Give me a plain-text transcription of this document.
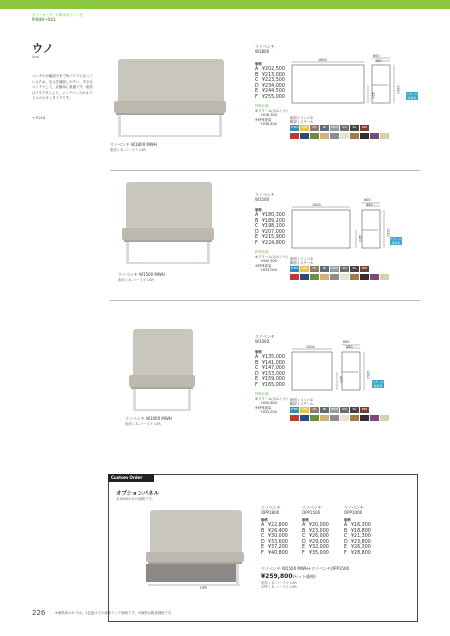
カラーオーダーの際は次ページを
P.040~041
ウノ
Uno
ベンチの台輪部分まで角パイプとなっているため、足元を掃除しやすい。安全なベンチとして、店舗用に最適です。座面はアダプタにより、メンテナンスがオススメのボタンタイプです。
→ P.216
ウノベンチ W1800 MWH
座面 / 本-コーヌケ LSR
ウノベンチ
W1800
価格
A ¥202,500
B ¥213,000
C ¥223,500
D ¥234,000
E ¥244,500
F ¥255,000
特殊仕様
※フラーム(ボルトナ)
+¥16,300
※特殊塗装
+¥36,400
1800
600
450
1050
420	スチール塗装色
座面 / コンパネ
脚部 / スチール
STEEL	ATM	ATL	BK	MWH	WH	RG	BRZ
ウノベンチ W1500 MWH
座面 / 本-コーヌケ LSR
ウノベンチ
W1500
価格
A ¥180,300
B ¥189,200
C ¥198,100
D ¥207,000
E ¥215,900
F ¥224,800
特殊仕様
※フラーム(ボルトナ)
+¥40,500
※特殊塗装
+¥33,000
1500
600
450
1050
420	スチール塗装色
座面 / コンパネ
脚部 / スチール
STEEL	ATM	ATL	BK	MWH	WH	RG	BRZ
ウノベンチ W1000 MWH
座面 / 本-コーヌケ LSR
ウノベンチ
W1000
価格
A ¥135,000
B ¥141,000
C ¥147,000
D ¥153,000
E ¥159,000
F ¥165,000
特殊仕様
※フラーム(ボルトナ)
+¥30,800
※特殊塗装
+¥32,200
1000
600
450
1050
420	スチール塗装色
座面 / コンパネ
脚部 / スチール
STEEL	ATM	ATL	BK	MWH	WH	RG	BRZ
Custom Order
オプションパネル
本1500の分の価格です。
OPP
ウノベンチ
OPP1800
価格
A ¥22,800
B ¥26,400
C ¥30,000
D ¥33,600
E ¥37,200
F ¥40,800
ウノベンチ
OPP1500
価格
A ¥20,000
B ¥23,000
C ¥26,000
D ¥29,000
E ¥32,000
F ¥35,000
ウノベンチ
OPP1000
価格
A ¥16,300
B ¥18,800
C ¥21,300
D ¥23,800
E ¥26,300
F ¥28,800
ウノベンチ W1500 MWH+ウノベンチOPP1500
¥259,800(セット価格)
座面 / 本-コーヌケ LSR
OPP / 本-コーヌケ LSR
226	※価格表のA~Fは、1色掛けでの価格ランク価格です。※価格は税抜価格です。
